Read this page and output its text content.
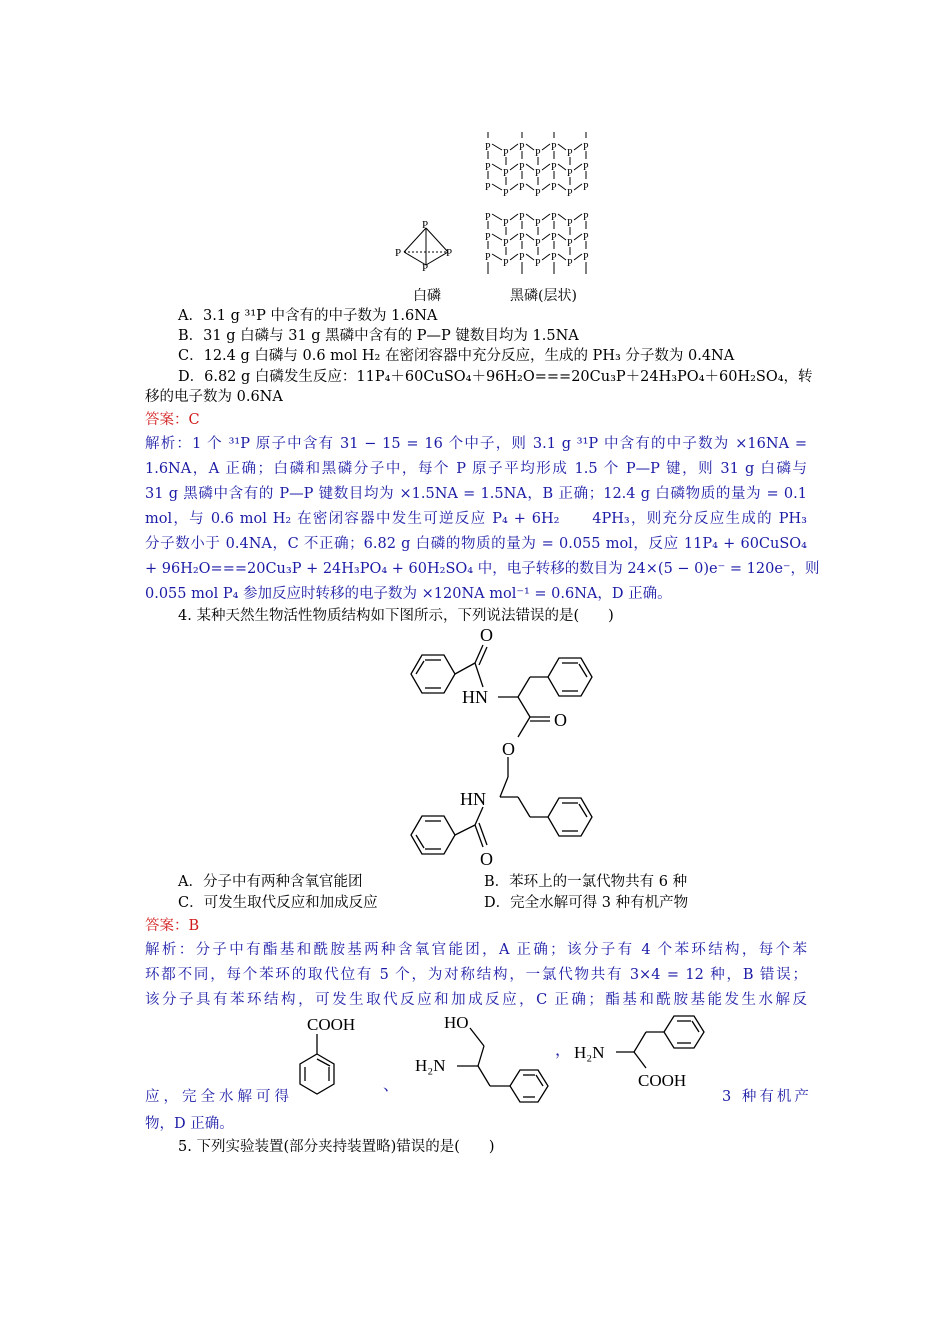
P
P	P
P
P
P
P
P
P
P
P
P
P
P
P
P
P
P
P
P
P
P
P
P
P
P
P
P
P
P
P
P
P
P
P
P
P
P
P
P
P
P
P
P
P
P
白磷	黑磷(层状)
A．3.1 g ³¹P 中含有的中子数为 1.6NA
B．31 g 白磷与 31 g 黑磷中含有的 P—P 键数目均为 1.5NA
C．12.4 g 白磷与 0.6 mol H₂ 在密闭容器中充分反应，生成的 PH₃ 分子数为 0.4NA
D．6.82 g 白磷发生反应：11P₄＋60CuSO₄＋96H₂O===20Cu₃P＋24H₃PO₄＋60H₂SO₄，转
移的电子数为 0.6NA
答案：C
解析：1 个 ³¹P 原子中含有 31 − 15 = 16 个中子，则 3.1 g ³¹P 中含有的中子数为 ×16NA =
1.6NA，A 正确；白磷和黑磷分子中，每个 P 原子平均形成 1.5 个 P—P 键，则 31 g 白磷与
31 g 黑磷中含有的 P—P 键数目均为 ×1.5NA = 1.5NA，B 正确；12.4 g 白磷物质的量为 = 0.1
mol，与 0.6 mol H₂ 在密闭容器中发生可逆反应 P₄ + 6H₂　　4PH₃，则充分反应生成的 PH₃
分子数小于 0.4NA，C 不正确；6.82 g 白磷的物质的量为 = 0.055 mol，反应 11P₄ + 60CuSO₄
+ 96H₂O===20Cu₃P + 24H₃PO₄ + 60H₂SO₄ 中，电子转移的数目为 24×(5 − 0)e⁻ = 120e⁻，则
0.055 mol P₄ 参加反应时转移的电子数为 ×120NA mol⁻¹ = 0.6NA，D 正确。
4. 某种天然生物活性物质结构如下图所示，下列说法错误的是(　　)
O
HN
O
O
HN
O
A．分子中有两种含氧官能团	B．苯环上的一氯代物共有 6 种
C．可发生取代反应和加成反应	D．完全水解可得 3 种有机产物
答案：B
解析：分子中有酯基和酰胺基两种含氧官能团，A 正确；该分子有 4 个苯环结构，每个苯
环都不同，每个苯环的取代位有 5 个，为对称结构，一氯代物共有 3×4 = 12 种，B 错误；
该分子具有苯环结构，可发生取代反应和加成反应，C 正确；酯基和酰胺基能发生水解反
COOH
、
HO
H₂N
， H₂N
COOH
应，完全水解可得	3 种有机产
物，D 正确。
5. 下列实验装置(部分夹持装置略)错误的是(　　)
